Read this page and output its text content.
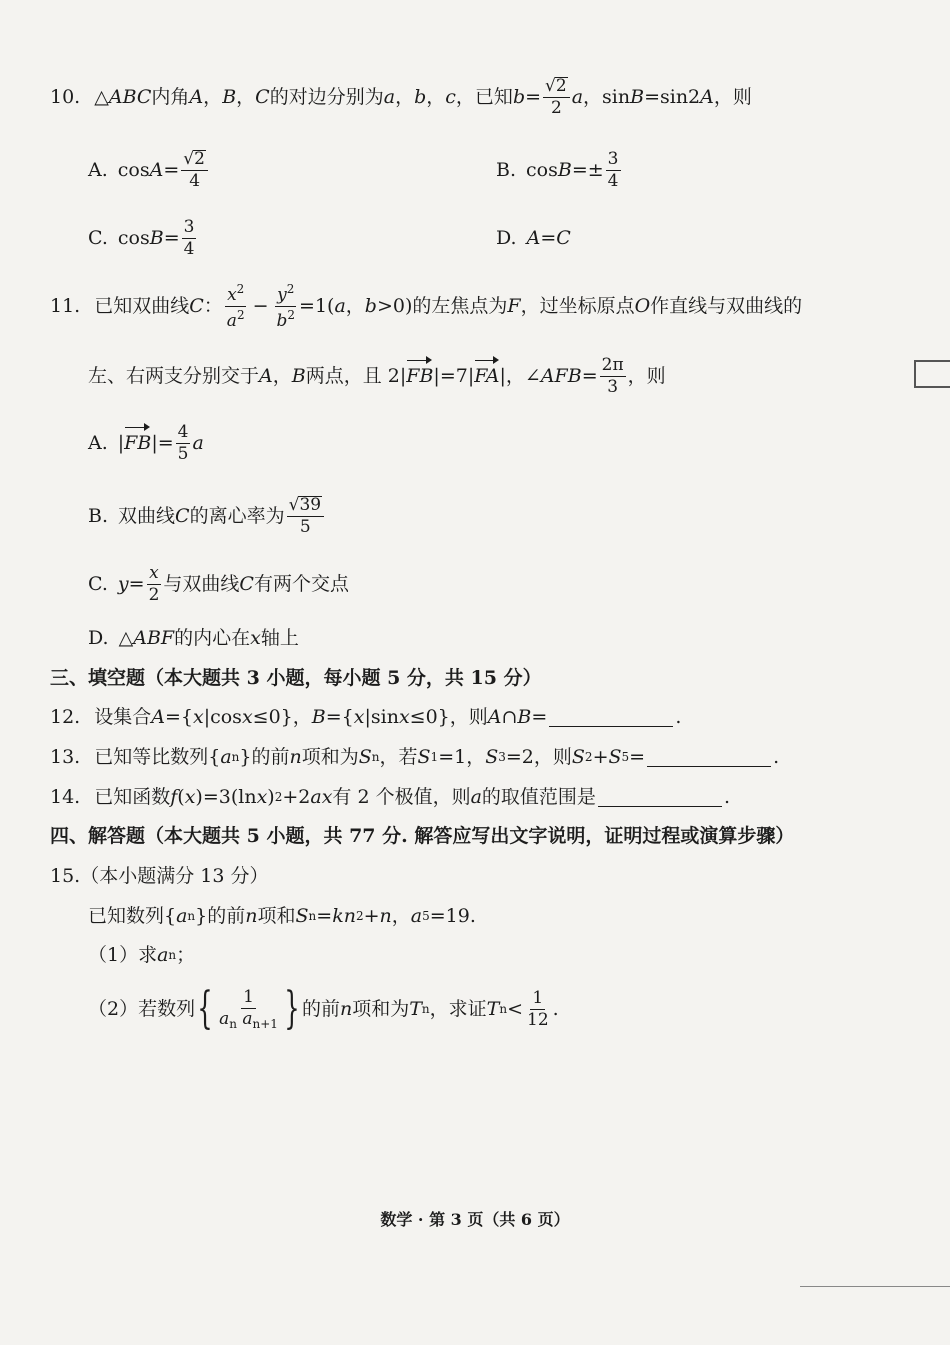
10. △ ABC 内角 A ， B ， C 的对边分别为 a ， b ， c ，已知 $b = \frac{√ 2}{2}$ a ，sin B =sin2 A ，则
A. $\cos A = \frac{√ 2}{4}$	B. $\cos B =\pm \frac{3}{4}$
C. $\cos B = \frac{3}{4}$	D. A = C
11. 已知双曲线 C ： $\frac{x^2}{a^2} - \frac{y^2}{b^2} =1$( a ， b >0)的左焦点为 F ，过坐标原点 O 作直线与双曲线的
左、右两支分别交于 A ， B 两点，且 2| FB |=7| FA |，∠ AFB = $\frac{2\pi}{3}$ ，则
A. | FB |= $\frac{4}{5}$ a
B. 双曲线 C 的离心率为 $\frac{√ 39}{5}$
C. $y = \frac{x}{2}$ 与双曲线 C 有两个交点
D. △ ABF 的内心在 x 轴上
三、填空题（本大题共 3 小题，每小题 5 分，共 15 分）
12. 设集合 A ={ x |cos x ≤0}， B ={ x |sin x ≤0}，则 A ∩ B =	.
13. 已知等比数列{ a n }的前 n 项和为 S n ，若 S 1 =1， S 3 =2，则 S 2 + S 5 =	.
14. 已知函数 f ( x )=3(ln x ) 2 +2 ax 有 2 个极值，则 a 的取值范围是	.
四、解答题（本大题共 5 小题，共 77 分. 解答应写出文字说明，证明过程或演算步骤）
15.（本小题满分 13 分）
已知数列{ a n }的前 n 项和 S n = kn 2 + n ， a 5 =19.
（1）求 a n ；
（2）若数列 { $\frac{1}{a_n a_{n+1}}$ } 的前 n 项和为 T n ，求证 T $n < \frac{1}{12}$ .
数学 · 第 3 页（共 6 页）
